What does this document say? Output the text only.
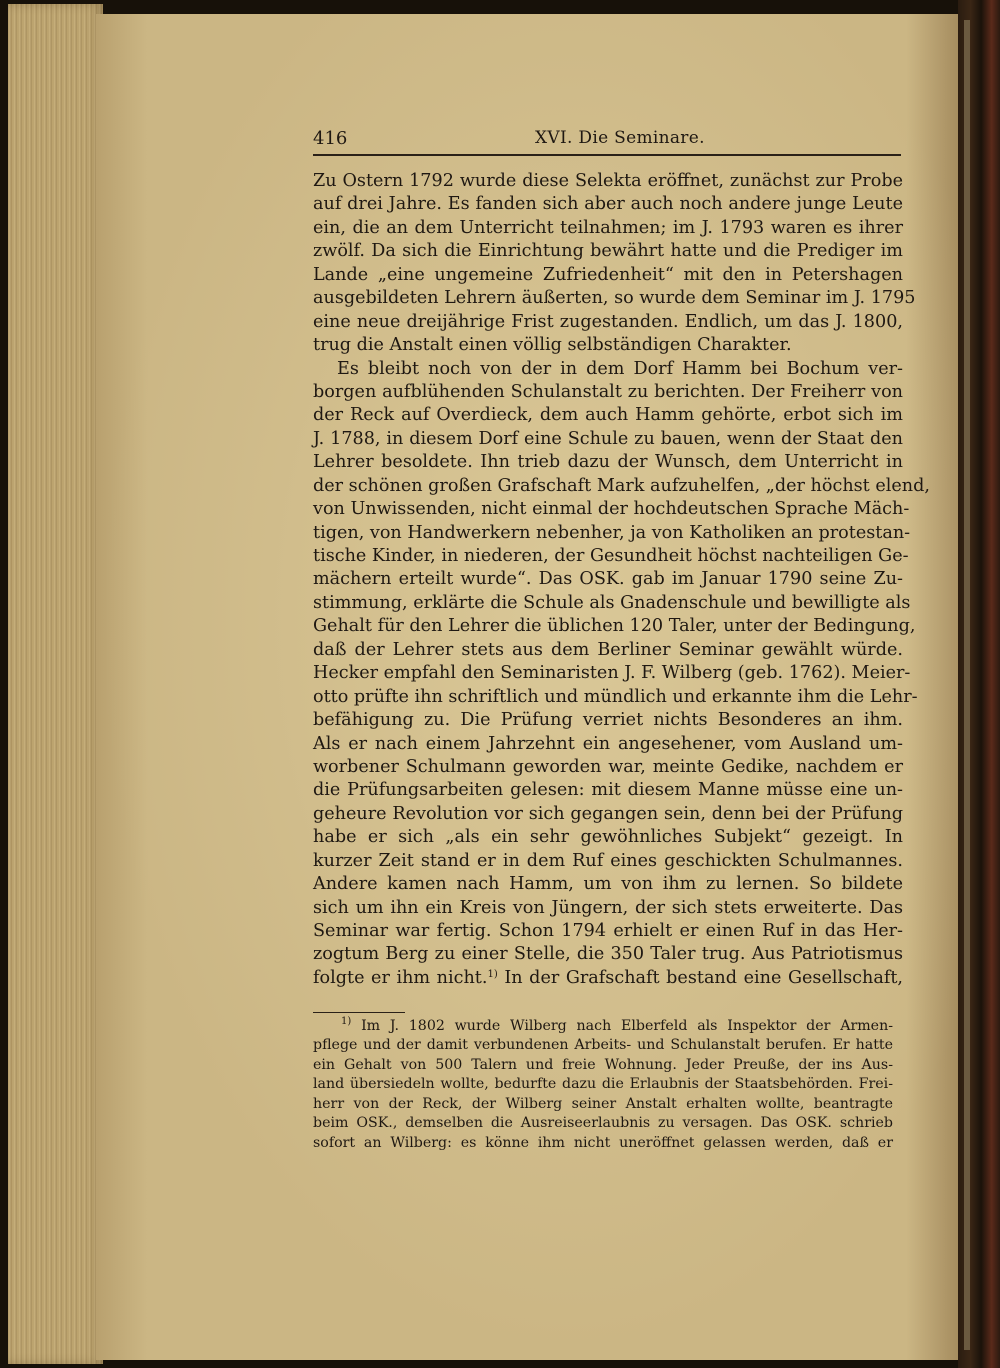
416	XVI. Die Seminare.
Zu Ostern 1792 wurde diese Selekta eröffnet, zunächst zur Probe
auf drei Jahre. Es fanden sich aber auch noch andere junge Leute
ein, die an dem Unterricht teilnahmen; im J. 1793 waren es ihrer
zwölf. Da sich die Einrichtung bewährt hatte und die Prediger im
Lande „eine ungemeine Zufriedenheit“ mit den in Petershagen
ausgebildeten Lehrern äußerten, so wurde dem Seminar im J. 1795
eine neue dreijährige Frist zugestanden. Endlich, um das J. 1800,
trug die Anstalt einen völlig selbständigen Charakter.
Es bleibt noch von der in dem Dorf Hamm bei Bochum ver-
borgen aufblühenden Schulanstalt zu berichten. Der Freiherr von
der Reck auf Overdieck, dem auch Hamm gehörte, erbot sich im
J. 1788, in diesem Dorf eine Schule zu bauen, wenn der Staat den
Lehrer besoldete. Ihn trieb dazu der Wunsch, dem Unterricht in
der schönen großen Grafschaft Mark aufzuhelfen, „der höchst elend,
von Unwissenden, nicht einmal der hochdeutschen Sprache Mäch-
tigen, von Handwerkern nebenher, ja von Katholiken an protestan-
tische Kinder, in niederen, der Gesundheit höchst nachteiligen Ge-
mächern erteilt wurde“. Das OSK. gab im Januar 1790 seine Zu-
stimmung, erklärte die Schule als Gnadenschule und bewilligte als
Gehalt für den Lehrer die üblichen 120 Taler, unter der Bedingung,
daß der Lehrer stets aus dem Berliner Seminar gewählt würde.
Hecker empfahl den Seminaristen J. F. Wilberg (geb. 1762). Meier-
otto prüfte ihn schriftlich und mündlich und erkannte ihm die Lehr-
befähigung zu. Die Prüfung verriet nichts Besonderes an ihm.
Als er nach einem Jahrzehnt ein angesehener, vom Ausland um-
worbener Schulmann geworden war, meinte Gedike, nachdem er
die Prüfungsarbeiten gelesen: mit diesem Manne müsse eine un-
geheure Revolution vor sich gegangen sein, denn bei der Prüfung
habe er sich „als ein sehr gewöhnliches Subjekt“ gezeigt. In
kurzer Zeit stand er in dem Ruf eines geschickten Schulmannes.
Andere kamen nach Hamm, um von ihm zu lernen. So bildete
sich um ihn ein Kreis von Jüngern, der sich stets erweiterte. Das
Seminar war fertig. Schon 1794 erhielt er einen Ruf in das Her-
zogtum Berg zu einer Stelle, die 350 Taler trug. Aus Patriotismus
folgte er ihm nicht.$^{1)}$ In der Grafschaft bestand eine Gesellschaft,
$^{1)}$ Im J. 1802 wurde Wilberg nach Elberfeld als Inspektor der Armen-
pflege und der damit verbundenen Arbeits- und Schulanstalt berufen. Er hatte
ein Gehalt von 500 Talern und freie Wohnung. Jeder Preuße, der ins Aus-
land übersiedeln wollte, bedurfte dazu die Erlaubnis der Staatsbehörden. Frei-
herr von der Reck, der Wilberg seiner Anstalt erhalten wollte, beantragte
beim OSK., demselben die Ausreiseerlaubnis zu versagen. Das OSK. schrieb
sofort an Wilberg: es könne ihm nicht uneröffnet gelassen werden, daß er
